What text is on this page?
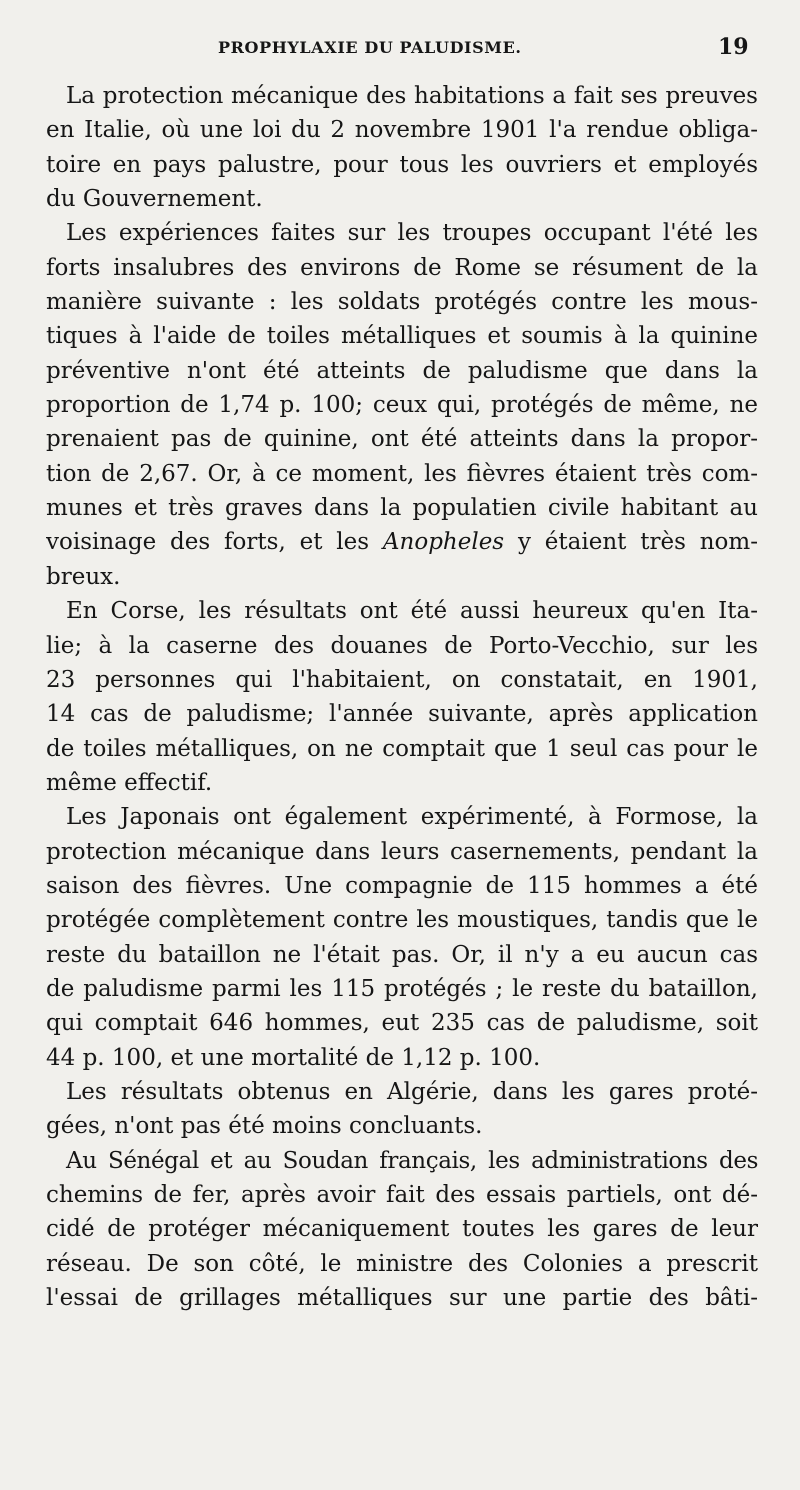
PROPHYLAXIE DU PALUDISME.	19
La protection mécanique des habitations a fait ses preuves
en Italie, où une loi du 2 novembre 1901 l'a rendue obliga-
toire en pays palustre, pour tous les ouvriers et employés
du Gouvernement.
Les expériences faites sur les troupes occupant l'été les
forts insalubres des environs de Rome se résument de la
manière suivante : les soldats protégés contre les mous-
tiques à l'aide de toiles métalliques et soumis à la quinine
préventive n'ont été atteints de paludisme que dans la
proportion de 1,74 p. 100; ceux qui, protégés de même, ne
prenaient pas de quinine, ont été atteints dans la propor-
tion de 2,67. Or, à ce moment, les fièvres étaient très com-
munes et très graves dans la populatien civile habitant au
voisinage des forts, et les Anopheles y étaient très nom-
breux.
En Corse, les résultats ont été aussi heureux qu'en Ita-
lie; à la caserne des douanes de Porto-Vecchio, sur les
23 personnes qui l'habitaient, on constatait, en 1901,
14 cas de paludisme; l'année suivante, après application
de toiles métalliques, on ne comptait que 1 seul cas pour le
même effectif.
Les Japonais ont également expérimenté, à Formose, la
protection mécanique dans leurs casernements, pendant la
saison des fièvres. Une compagnie de 115 hommes a été
protégée complètement contre les moustiques, tandis que le
reste du bataillon ne l'était pas. Or, il n'y a eu aucun cas
de paludisme parmi les 115 protégés ; le reste du bataillon,
qui comptait 646 hommes, eut 235 cas de paludisme, soit
44 p. 100, et une mortalité de 1,12 p. 100.
Les résultats obtenus en Algérie, dans les gares proté-
gées, n'ont pas été moins concluants.
Au Sénégal et au Soudan français, les administrations des
chemins de fer, après avoir fait des essais partiels, ont dé-
cidé de protéger mécaniquement toutes les gares de leur
réseau. De son côté, le ministre des Colonies a prescrit
l'essai de grillages métalliques sur une partie des bâti-
